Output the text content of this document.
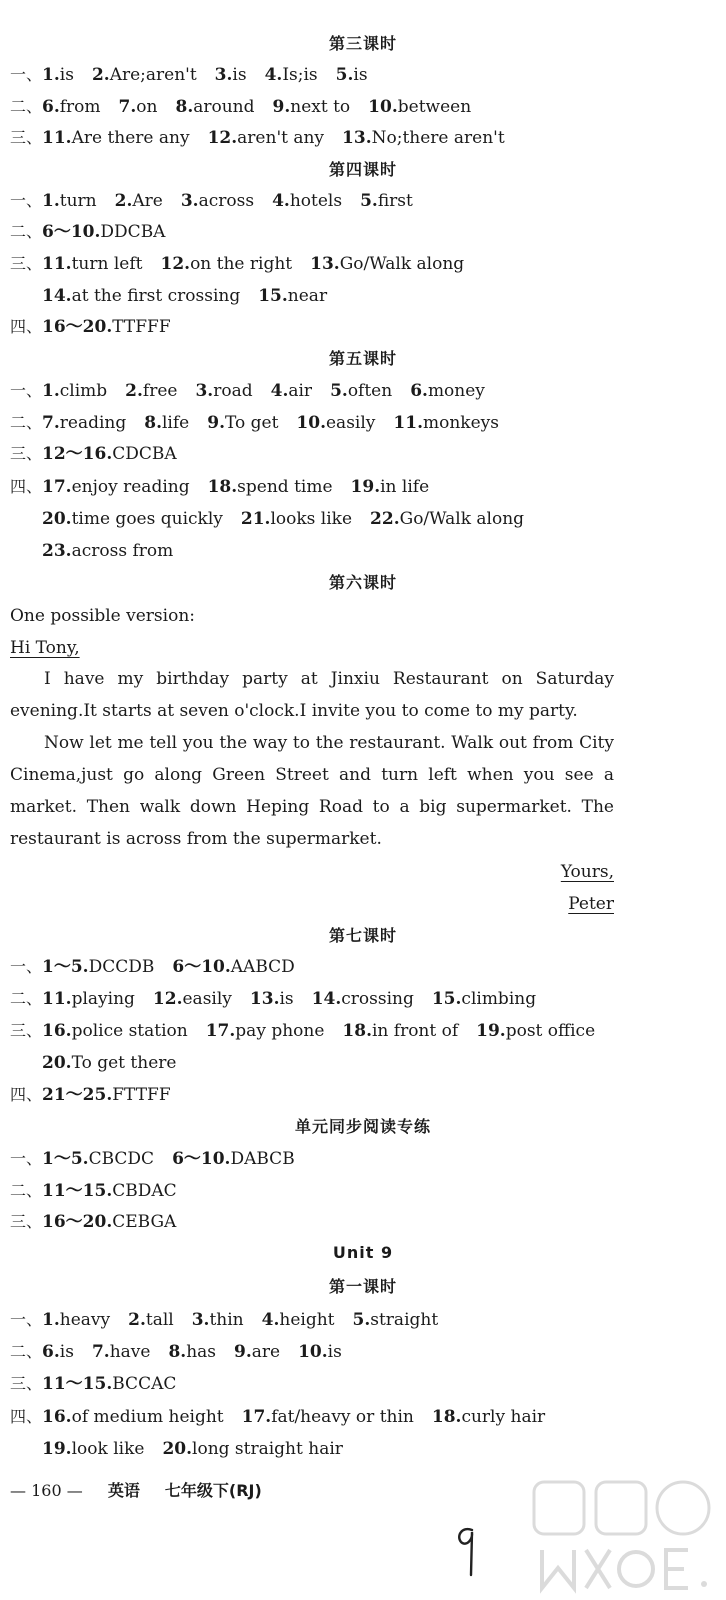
第三课时
一、1.is 2.Are;aren't 3.is 4.Is;is 5.is
二、6.from 7.on 8.around 9.next to 10.between
三、11.Are there any 12.aren't any 13.No;there aren't
第四课时
一、1.turn 2.Are 3.across 4.hotels 5.first
二、6～10.DDCBA
三、11.turn left 12.on the right 13.Go/Walk along
14.at the first crossing 15.near
四、16～20.TTFFF
第五课时
一、1.climb 2.free 3.road 4.air 5.often 6.money
二、7.reading 8.life 9.To get 10.easily 11.monkeys
三、12～16.CDCBA
四、17.enjoy reading 18.spend time 19.in life
20.time goes quickly 21.looks like 22.Go/Walk along
23.across from
第六课时
One possible version:
Hi Tony,
I have my birthday party at Jinxiu Restaurant on Saturday evening.It starts at seven o'clock.I invite you to come to my party.
Now let me tell you the way to the restaurant. Walk out from City Cinema,just go along Green Street and turn left when you see a market. Then walk down Heping Road to a big supermarket. The restaurant is across from the supermarket.
Yours,
Peter
第七课时
一、1～5.DCCDB 6～10.AABCD
二、11.playing 12.easily 13.is 14.crossing 15.climbing
三、16.police station 17.pay phone 18.in front of 19.post office
20.To get there
四、21～25.FTTFF
单元同步阅读专练
一、1～5.CBCDC 6～10.DABCB
二、11～15.CBDAC
三、16～20.CEBGA
Unit 9
第一课时
一、1.heavy 2.tall 3.thin 4.height 5.straight
二、6.is 7.have 8.has 9.are 10.is
三、11～15.BCCAC
四、16.of medium height 17.fat/heavy or thin 18.curly hair
19.look like 20.long straight hair
— 160 — 英语 七年级下(RJ)
